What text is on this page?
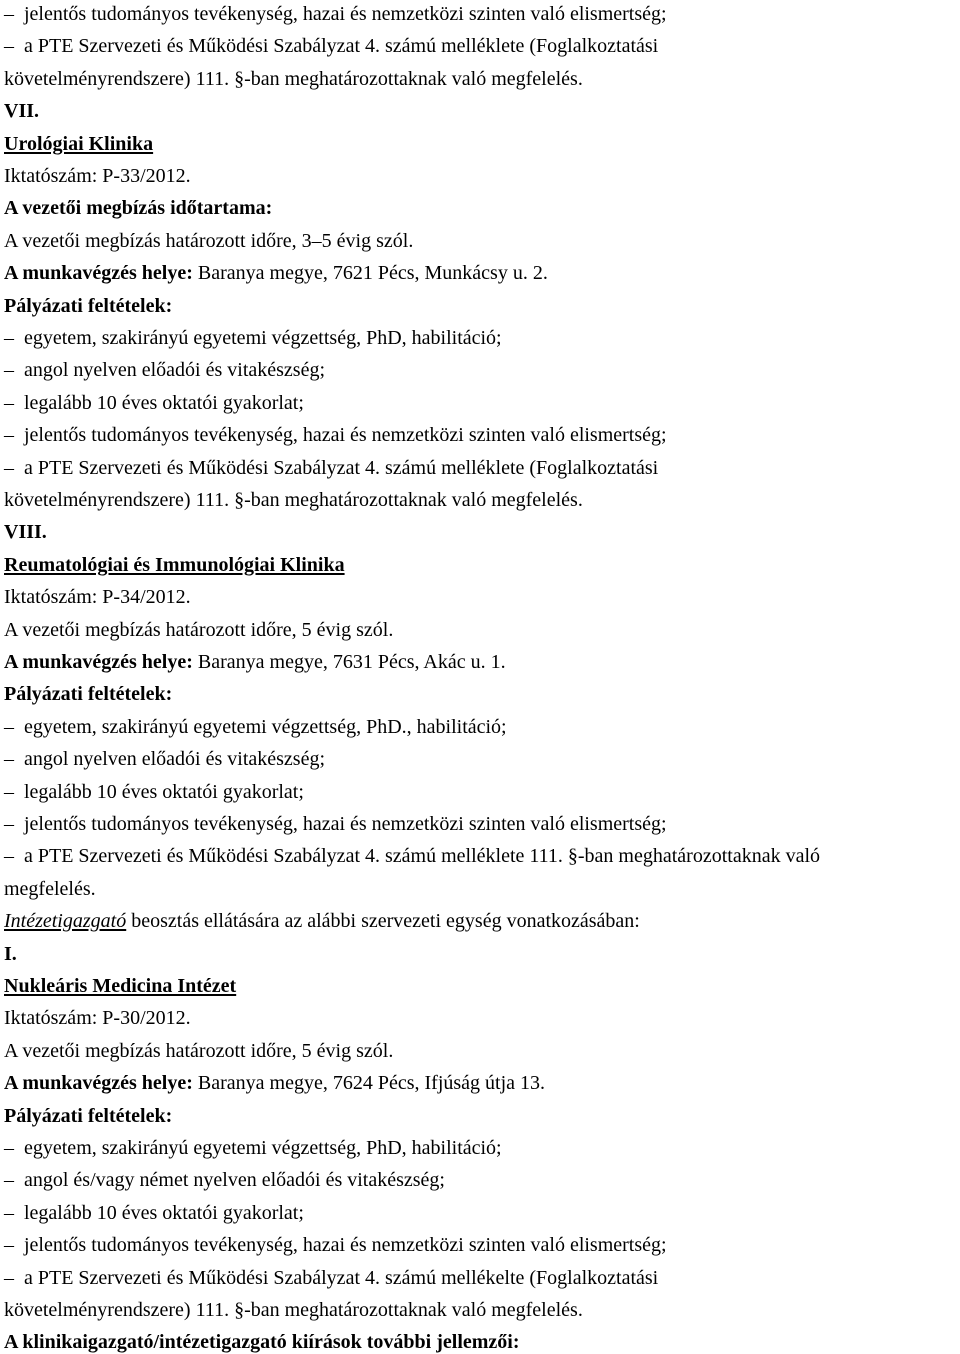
–jelentős tudományos tevékenység, hazai és nemzetközi szinten való elismertség;
–a PTE Szervezeti és Működési Szabályzat 4. számú melléklete (Foglalkoztatási
követelményrendszere) 111. §-ban meghatározottaknak való megfelelés.
VII.
Urológiai Klinika
Iktatószám: P-33/2012.
A vezetői megbízás időtartama:
A vezetői megbízás határozott időre, 3–5 évig szól.
A munkavégzés helye: Baranya megye, 7621 Pécs, Munkácsy u. 2.
Pályázati feltételek:
–egyetem, szakirányú egyetemi végzettség, PhD, habilitáció;
–angol nyelven előadói és vitakészség;
–legalább 10 éves oktatói gyakorlat;
–jelentős tudományos tevékenység, hazai és nemzetközi szinten való elismertség;
–a PTE Szervezeti és Működési Szabályzat 4. számú melléklete (Foglalkoztatási
követelményrendszere) 111. §-ban meghatározottaknak való megfelelés.
VIII.
Reumatológiai és Immunológiai Klinika
Iktatószám: P-34/2012.
A vezetői megbízás határozott időre, 5 évig szól.
A munkavégzés helye: Baranya megye, 7631 Pécs, Akác u. 1.
Pályázati feltételek:
–egyetem, szakirányú egyetemi végzettség, PhD., habilitáció;
–angol nyelven előadói és vitakészség;
–legalább 10 éves oktatói gyakorlat;
–jelentős tudományos tevékenység, hazai és nemzetközi szinten való elismertség;
–a PTE Szervezeti és Működési Szabályzat 4. számú melléklete 111. §-ban meghatározottaknak való
megfelelés.
Intézetigazgató beosztás ellátására az alábbi szervezeti egység vonatkozásában:
I.
Nukleáris Medicina Intézet
Iktatószám: P-30/2012.
A vezetői megbízás határozott időre, 5 évig szól.
A munkavégzés helye: Baranya megye, 7624 Pécs, Ifjúság útja 13.
Pályázati feltételek:
–egyetem, szakirányú egyetemi végzettség, PhD, habilitáció;
–angol és/vagy német nyelven előadói és vitakészség;
–legalább 10 éves oktatói gyakorlat;
–jelentős tudományos tevékenység, hazai és nemzetközi szinten való elismertség;
–a PTE Szervezeti és Működési Szabályzat 4. számú mellékelte (Foglalkoztatási
követelményrendszere) 111. §-ban meghatározottaknak való megfelelés.
A klinikaigazgató/intézetigazgató kiírások további jellemzői:
